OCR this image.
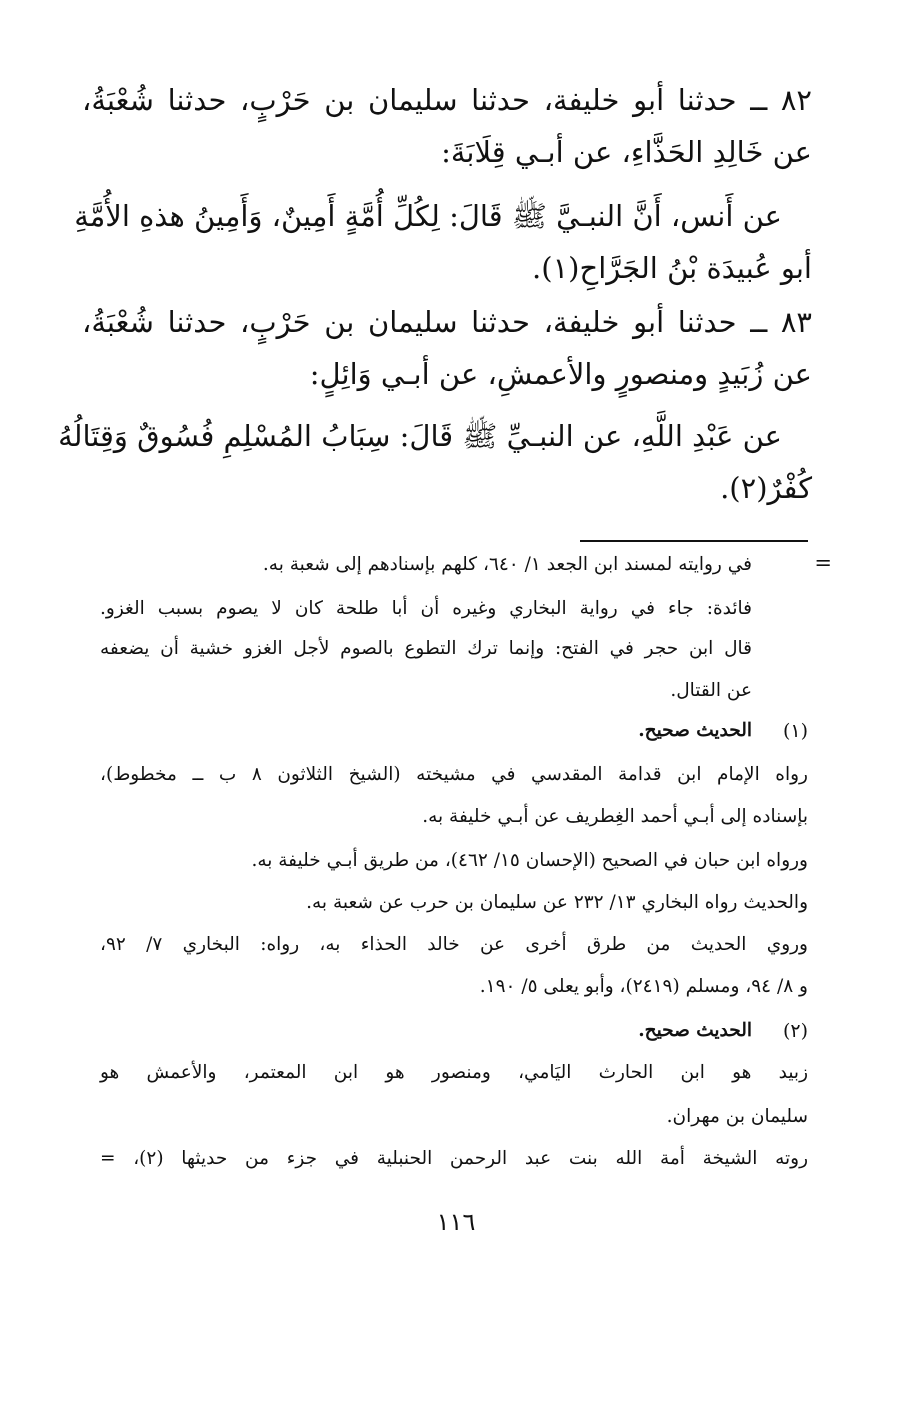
٨٢ ــ حدثنا أبو خليفة، حدثنا سليمان بن حَرْبٍ، حدثنا شُعْبَةُ،

عن خَالِدِ الحَذَّاءِ، عن أبـي قِلَابَةَ:

عن أَنس، أَنَّ النبـيَّ ﷺ قَالَ: لِكُلِّ أُمَّةٍ أَمِينٌ، وَأَمِينُ هذهِ الأُمَّةِ

أبو عُبيدَة بْنُ الجَرَّاحِ(١).

٨٣ ــ حدثنا أبو خليفة، حدثنا سليمان بن حَرْبٍ، حدثنا شُعْبَةُ،

عن زُبَيدٍ ومنصورٍ والأعمشِ، عن أبـي وَائِلٍ:

عن عَبْدِ اللَّهِ، عن النبـيِّ ﷺ قَالَ: سِبَابُ المُسْلِمِ فُسُوقٌ وَقِتَالُهُ

كُفْرٌ(٢).

=
في روايته لمسند ابن الجعد ١/ ٦٤٠، كلهم بإسنادهم إلى شعبة به.
فائدة: جاء في رواية البخاري وغيره أن أبا طلحة كان لا يصوم بسبب الغزو.
قال ابن حجر في الفتح: وإنما ترك التطوع بالصوم لأجل الغزو خشية أن يضعفه
عن القتال.
(١)
الحديث صحيح.
رواه الإمام ابن قدامة المقدسي في مشيخته (الشيخ الثلاثون ٨ ب ــ مخطوط)،
بإسناده إلى أبـي أحمد الغِطريف عن أبـي خليفة به.
ورواه ابن حبان في الصحيح (الإحسان ١٥/ ٤٦٢)، من طريق أبـي خليفة به.
والحديث رواه البخاري ١٣/ ٢٣٢ عن سليمان بن حرب عن شعبة به.
وروي الحديث من طرق أخرى عن خالد الحذاء به، رواه: البخاري ٧/ ٩٢،
و ٨/ ٩٤، ومسلم (٢٤١٩)، وأبو يعلى ٥/ ١٩٠.
(٢)
الحديث صحيح.
زبيد هو ابن الحارث اليَامي، ومنصور هو ابن المعتمر، والأعمش هو
سليمان بن مهران.
روته الشيخة أمة الله بنت عبد الرحمن الحنبلية في جزء من حديثها (٢)، =
١١٦
